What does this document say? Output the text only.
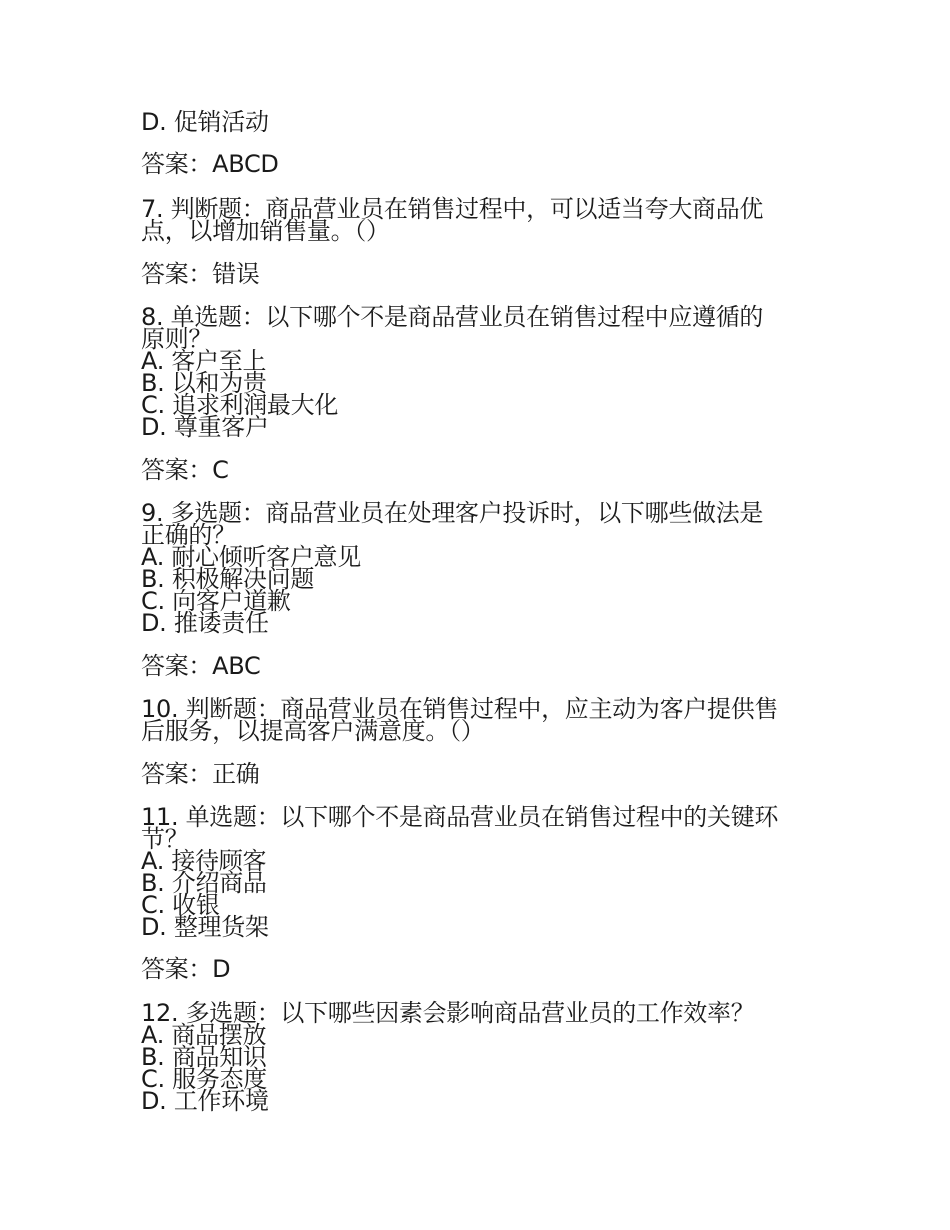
D. 促销活动
答案：ABCD
7. 判断题：商品营业员在销售过程中，可以适当夸大商品优
点，以增加销售量。（）
答案：错误
8. 单选题：以下哪个不是商品营业员在销售过程中应遵循的
原则？
A. 客户至上
B. 以和为贵
C. 追求利润最大化
D. 尊重客户
答案：C
9. 多选题：商品营业员在处理客户投诉时，以下哪些做法是
正确的？
A. 耐心倾听客户意见
B. 积极解决问题
C. 向客户道歉
D. 推诿责任
答案：ABC
10. 判断题：商品营业员在销售过程中，应主动为客户提供售
后服务，以提高客户满意度。（）
答案：正确
11. 单选题：以下哪个不是商品营业员在销售过程中的关键环
节？
A. 接待顾客
B. 介绍商品
C. 收银
D. 整理货架
答案：D
12. 多选题：以下哪些因素会影响商品营业员的工作效率？
A. 商品摆放
B. 商品知识
C. 服务态度
D. 工作环境
